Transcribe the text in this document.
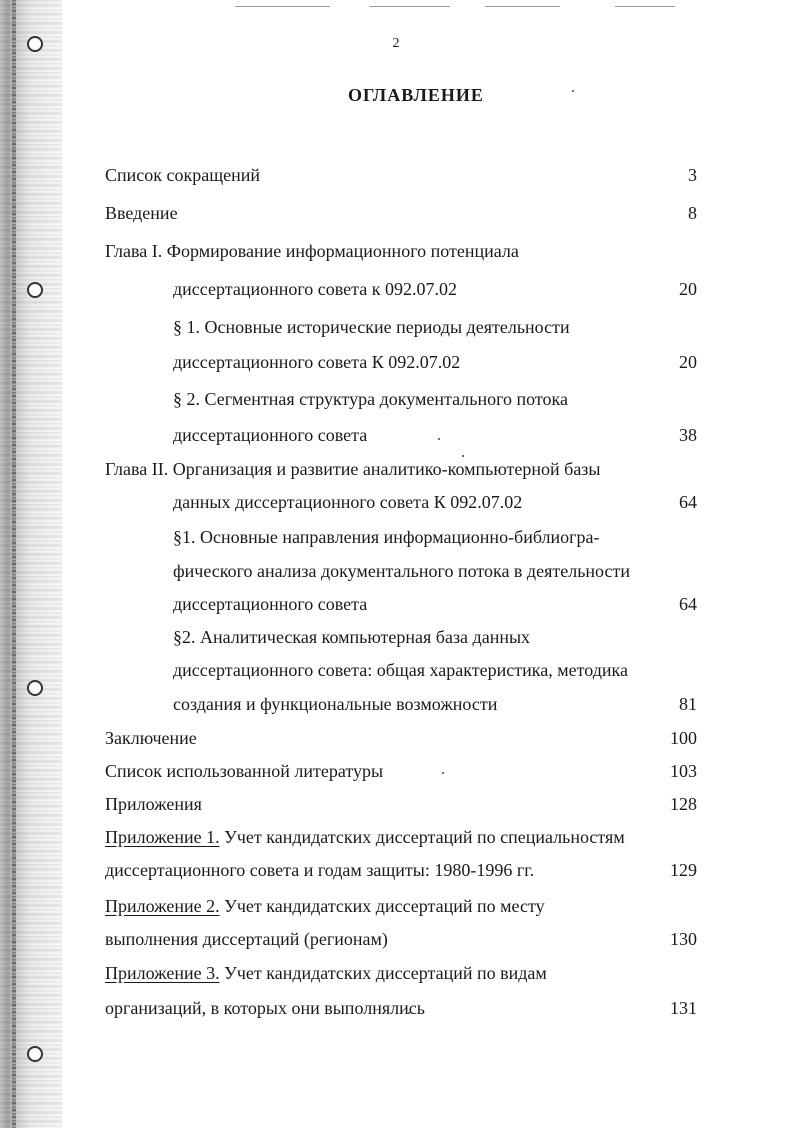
2
ОГЛАВЛЕНИЕ
Список сокращений	3
Введение	8
Глава I. Формирование информационного потенциала
диссертационного совета к 092.07.02	20
§ 1. Основные исторические периоды деятельности
диссертационного совета К 092.07.02	20
§ 2. Сегментная структура документального потока
диссертационного совета	38
Глава II. Организация и развитие аналитико-компьютерной базы
данных диссертационного совета К 092.07.02	64
§1. Основные направления информационно-библиогра-
фического анализа документального потока в деятельности
диссертационного совета	64
§2. Аналитическая компьютерная база данных
диссертационного совета: общая характеристика, методика
создания и функциональные возможности	81
Заключение	100
Список использованной литературы	103
Приложения	128
Приложение 1. Учет кандидатских диссертаций по специальностям
диссертационного совета и годам защиты: 1980-1996 гг.	129
Приложение 2. Учет кандидатских диссертаций по месту
выполнения диссертаций (регионам)	130
Приложение 3. Учет кандидатских диссертаций по видам
организаций, в которых они выполнялись	131
